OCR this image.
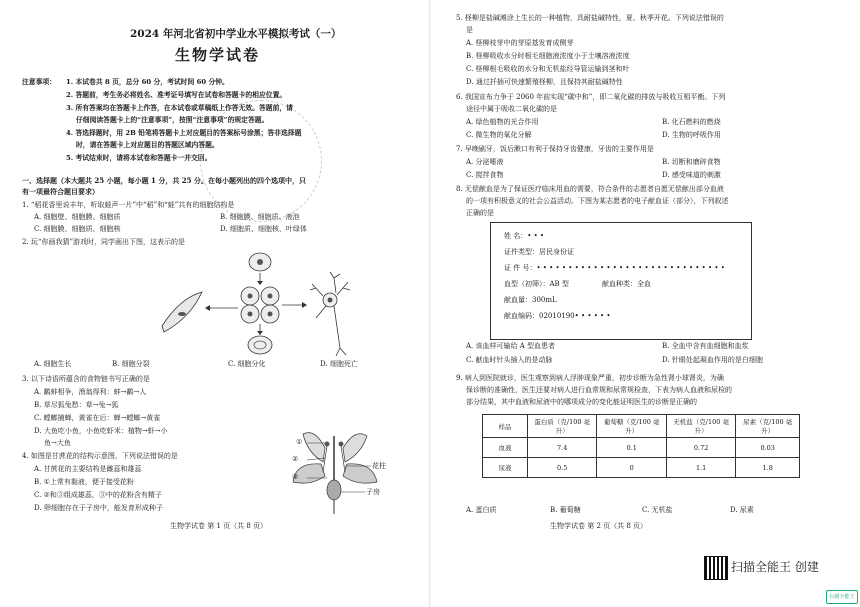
2024 年河北省初中学业水平模拟考试（一）
生物学试卷
注意事项： 1. 本试卷共 8 页，总分 60 分，考试时间 60 分钟。
2. 答题前，考生务必将姓名、准考证号填写在试卷和答题卡的相应位置。
3. 所有答案均在答题卡上作答，在本试卷或草稿纸上作答无效。答题前，请
仔细阅读答题卡上的“注意事项”，按照“注意事项”的规定答题。
4. 答选择题时，用 2B 铅笔将答题卡上对应题目的答案标号涂黑；答非选择题
时，请在答题卡上对应题目的答题区域内答题。
5. 考试结束时，请将本试卷和答题卡一并交回。
一、选择题（本大题共 25 小题，每小题 1 分，共 25 分。在每小题列出的四个选项中，只
有一项最符合题目要求）
1. “稻花香里说丰年，听取蛙声一片”中“稻”和“蛙”共有的细胞结构是
A. 细胞壁、细胞膜、细胞质	B. 细胞膜、细胞质、液泡
C. 细胞膜、细胞质、细胞核	D. 细胞质、细胞核、叶绿体
2. 玩“你画我猜”游戏时，同学画出下图，这表示的是
A. 细胞生长	B. 细胞分裂	C. 细胞分化	D. 细胞死亡
3. 以下诗语所蕴含的食物链书写正确的是
A. 鹬蚌相争，渔翁得利：蚌→鹬→人
B. 草尽狐兔愁：草→兔→狐
C. 螳螂捕蝉，黄雀在后：蝉→螳螂→黄雀
D. 大鱼吃小鱼，小鱼吃虾米：植物→虾→小
鱼→大鱼
4. 如图是甘蔗花的结构示意图，下列说法错误的是
A. 甘蔗花的主要结构是雌蕊和雄蕊
B. ①上常有黏液，便于接受花粉
C. ②和③组成雄蕊，③中的花粉含有精子
D. 卵细胞存在于子房中，能发育形成种子
①
②
③
花柱
子房
生物学试卷 第 1 页（共 8 页）
5. 柽柳是盐碱滩涂上生长的一种植物，具耐盐碱特性，夏、秋季开花。下列说法错误的
是
A. 柽柳枝芽中的芽原基发育成侧芽
B. 柽柳吸收水分时根毛细胞液浓度小于土壤溶液浓度
C. 柽柳根毛吸收的水分和无机盐经导管运输到茎和叶
D. 通过扦插可快速繁殖柽柳，且保持其耐盐碱特性
6. 我国宣布力争于 2060 年前实现“碳中和”，即二氧化碳的排放与吸收互相平衡。下列
途径中属于吸收二氧化碳的是
A. 绿色植物的光合作用	B. 化石燃料的燃烧
C. 微生物的氧化分解	D. 生物的呼吸作用
7. 早晚刷牙，饭后漱口有利于保持牙齿健康，牙齿的主要作用是
A. 分泌唾液	B. 切断和磨碎食物
C. 搅拌食物	D. 感受味道的刺激
8. 无偿献血是为了保证医疗临床用血的需要，符合条件的志愿者自愿无偿献出部分血液
的一项有积极意义的社会公益活动。下图为某志愿者的电子献血证（部分），下列叙述
正确的是
姓 名：• • •
证件类型：居民身份证
证 件 号：• • • • • • • • • • • • • • • • • • • • • • • • • • • • • •
血型（初筛）：AB 型	献血种类：全血
献血量：300mL
献血编码：02010190• • • • • •
A. 该血样可输给 A 型血患者	B. 全血中含有血细胞和血浆
C. 献血时针头插入的是动脉	D. 针眼处起凝血作用的是白细胞
9. 病人到医院就诊，医生观察到病人浮肿现象严重，初步诊断为急性肾小球肾炎，为确
保诊断的准确性，医生还要对病人进行血常规和尿常规检查，下表为病人血液和尿检的
部分结果，其中血液和尿液中的哪项成分的变化能证明医生的诊断是正确的
样品	蛋白质（克/100 毫升）	葡萄糖（克/100 毫升）	无机盐（克/100 毫升）	尿素（克/100 毫升）
血液	7.4	0.1	0.72	0.03
尿液	0.5	0	1.1	1.8
A. 蛋白质	B. 葡萄糖	C. 无机盐	D. 尿素
生物学试卷 第 2 页（共 8 页）
扫描全能王 创建
扫描全能王
